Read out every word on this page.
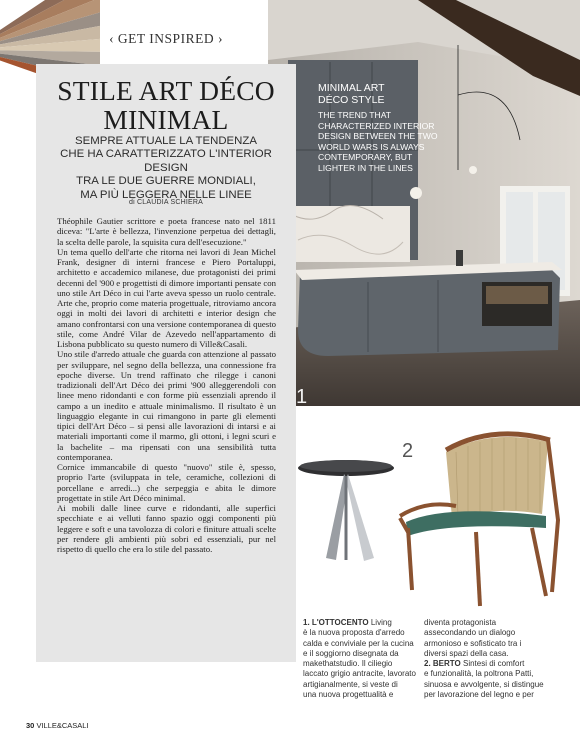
MINIMAL ART
DÉCO STYLE
THE TREND THAT
CHARACTERIZED INTERIOR
DESIGN BETWEEN THE TWO
WORLD WARS IS ALWAYS
CONTEMPORARY, BUT
LIGHTER IN THE LINES
1
‹ GET INSPIRED ›
STILE ART DÉCO
MINIMAL
SEMPRE ATTUALE LA TENDENZA
CHE HA CARATTERIZZATO L'INTERIOR DESIGN
TRA LE DUE GUERRE MONDIALI,
MA PIÙ LEGGERA NELLE LINEE
di CLAUDIA SCHIERA

Théophile Gautier scrittore e poeta francese nato nel 1811 diceva: "L'arte è bellezza, l'invenzione perpetua dei dettagli, la scelta delle parole, la squisita cura dell'esecuzione."

Un tema quello dell'arte che ritorna nei lavori di Jean Michel Frank, designer di interni francese e Piero Portaluppi, architetto e accademico milanese, due protagonisti dei primi decenni del '900 e progettisti di dimore importanti pensate con uno stile Art Déco in cui l'arte aveva spesso un ruolo centrale. Arte che, proprio come materia progettuale, ritroviamo ancora oggi in molti dei lavori di architetti e interior design che amano confrontarsi con una versione contemporanea di questo stile, come André Vilar de Azevedo nell'appartamento di Lisbona pubblicato su questo numero di Ville&Casali.

Uno stile d'arredo attuale che guarda con attenzione al passato per sviluppare, nel segno della bellezza, una connessione fra epoche diverse. Un trend raffinato che rilegge i canoni tradizionali dell'Art Déco dei primi '900 alleggerendoli con linee meno ridondanti e con forme più essenziali aprendo il campo a un inedito e attuale minimalismo. Il risultato è un linguaggio elegante in cui rimangono in parte gli elementi tipici dell'Art Déco – si pensi alle lavorazioni di intarsi e ai materiali importanti come il marmo, gli ottoni, i legni scuri e la bachelite – ma ripensati con una sensibilità tutta contemporanea.

Cornice immancabile di questo "nuovo" stile è, spesso, proprio l'arte (sviluppata in tele, ceramiche, collezioni di porcellane e arredi...) che serpeggia e abita le dimore progettate in stile Art Déco minimal.

Ai mobili dalle linee curve e ridondanti, alle superfici specchiate e ai velluti fanno spazio oggi componenti più leggere e soft e una tavolozza di colori e finiture attuali scelte per rendere gli ambienti più sobri ed essenziali, pur nel rispetto di quello che era lo stile del passato.

2
1. L'OTTOCENTO Living
è la nuova proposta d'arredo
calda e conviviale per la cucina
e il soggiorno disegnata da
makethatstudio. Il ciliegio
laccato grigio antracite, lavorato
artigianalmente, si veste di
una nuova progettualità e
diventa protagonista
assecondando un dialogo
armonioso e sofisticato tra i
diversi spazi della casa.
2. BERTO Sintesi di comfort
e funzionalità, la poltrona Patti,
sinuosa e avvolgente, si distingue
per lavorazione del legno e per
30 VILLE&CASALI
